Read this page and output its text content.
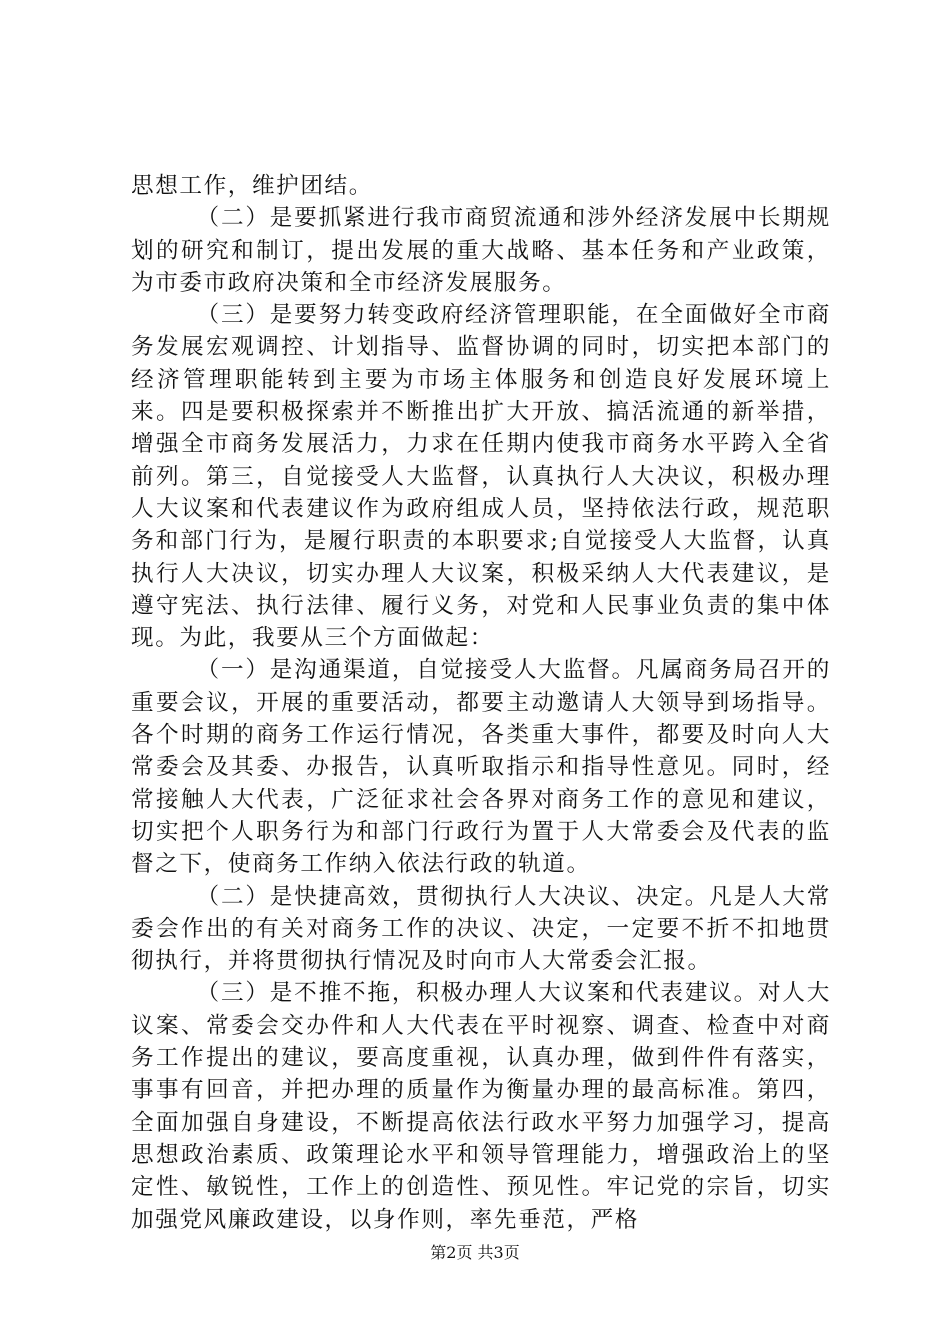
思想工作，维护团结。

（二）是要抓紧进行我市商贸流通和涉外经济发展中长期规划的研究和制订，提出发展的重大战略、基本任务和产业政策，为市委市政府决策和全市经济发展服务。

（三）是要努力转变政府经济管理职能，在全面做好全市商务发展宏观调控、计划指导、监督协调的同时，切实把本部门的经济管理职能转到主要为市场主体服务和创造良好发展环境上来。四是要积极探索并不断推出扩大开放、搞活流通的新举措，增强全市商务发展活力，力求在任期内使我市商务水平跨入全省前列。第三，自觉接受人大监督，认真执行人大决议，积极办理人大议案和代表建议作为政府组成人员，坚持依法行政，规范职务和部门行为，是履行职责的本职要求;自觉接受人大监督，认真执行人大决议，切实办理人大议案，积极采纳人大代表建议，是遵守宪法、执行法律、履行义务，对党和人民事业负责的集中体现。为此，我要从三个方面做起：

（一）是沟通渠道，自觉接受人大监督。凡属商务局召开的重要会议，开展的重要活动，都要主动邀请人大领导到场指导。各个时期的商务工作运行情况，各类重大事件，都要及时向人大常委会及其委、办报告，认真听取指示和指导性意见。同时，经常接触人大代表，广泛征求社会各界对商务工作的意见和建议，切实把个人职务行为和部门行政行为置于人大常委会及代表的监督之下，使商务工作纳入依法行政的轨道。

（二）是快捷高效，贯彻执行人大决议、决定。凡是人大常委会作出的有关对商务工作的决议、决定，一定要不折不扣地贯彻执行，并将贯彻执行情况及时向市人大常委会汇报。

（三）是不推不拖，积极办理人大议案和代表建议。对人大议案、常委会交办件和人大代表在平时视察、调查、检查中对商务工作提出的建议，要高度重视，认真办理，做到件件有落实，事事有回音，并把办理的质量作为衡量办理的最高标准。第四，全面加强自身建设，不断提高依法行政水平努力加强学习，提高思想政治素质、政策理论水平和领导管理能力，增强政治上的坚定性、敏锐性，工作上的创造性、预见性。牢记党的宗旨，切实加强党风廉政建设，以身作则，率先垂范，严格

第2页 共3页
